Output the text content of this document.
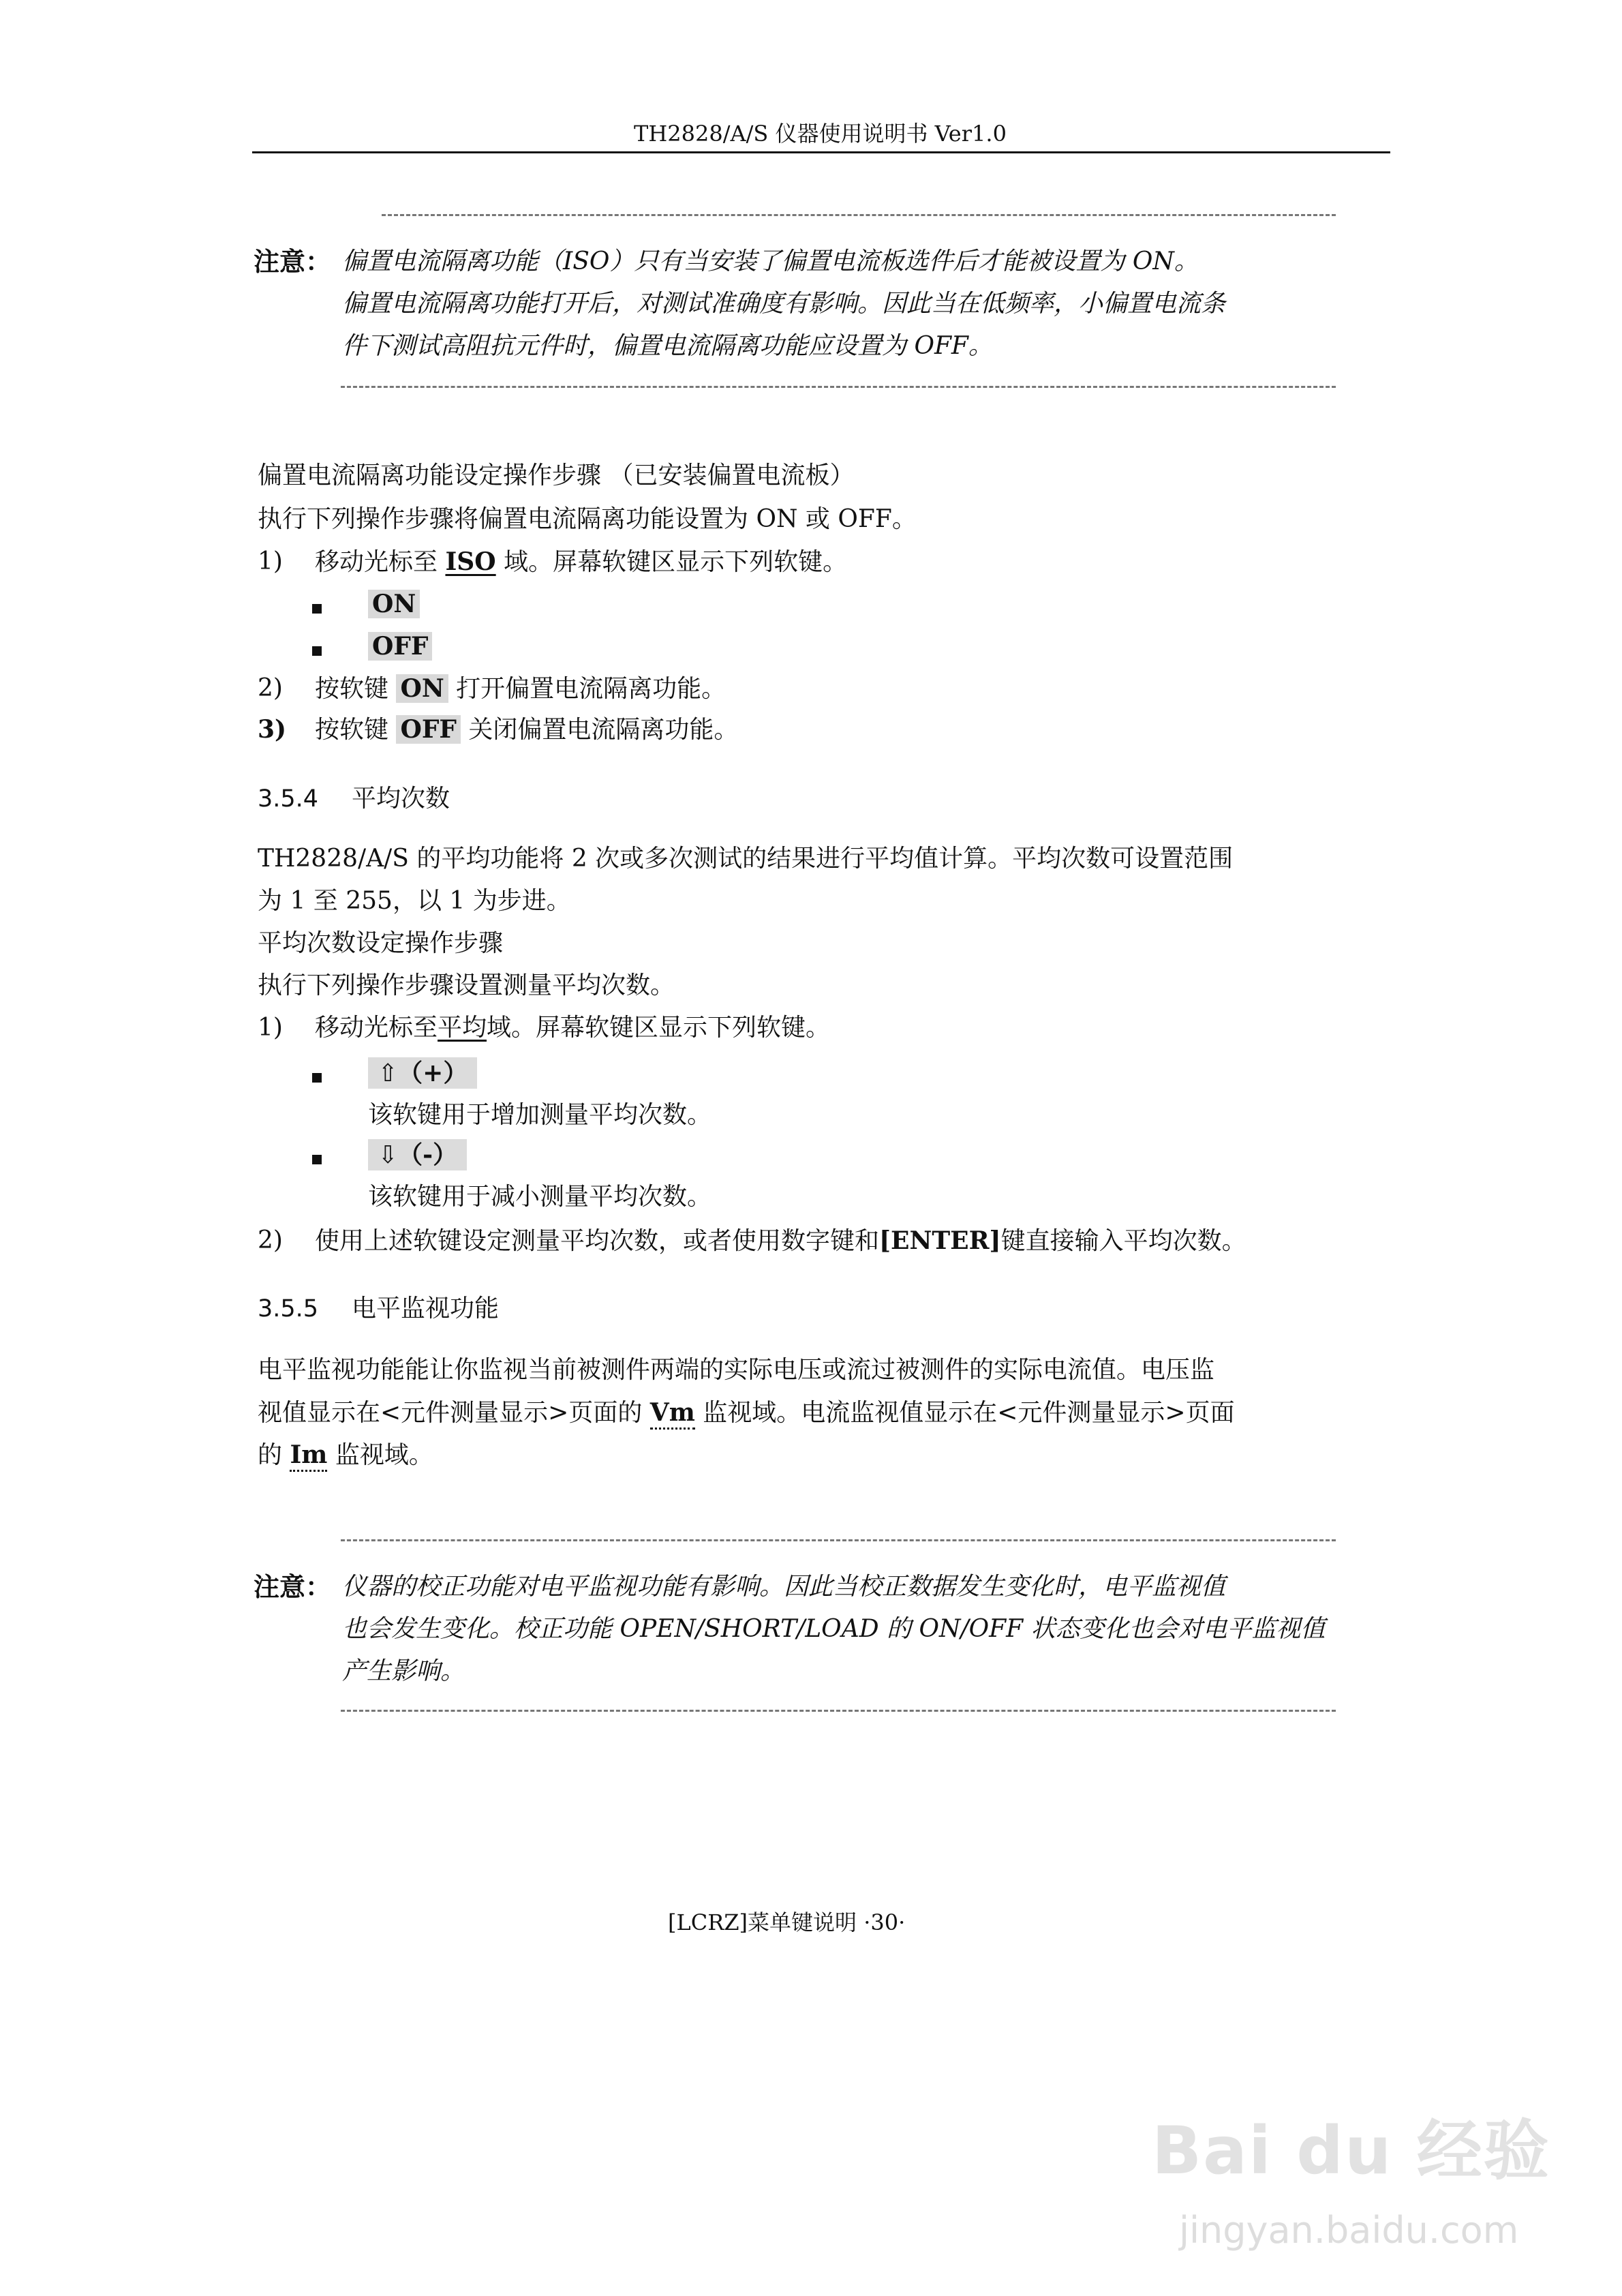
TH2828/A/S 仪器使用说明书 Ver1.0
注意： 偏置电流隔离功能（ISO）只有当安装了偏置电流板选件后才能被设置为 ON。
偏置电流隔离功能打开后，对测试准确度有影响。因此当在低频率，小偏置电流条
件下测试高阻抗元件时，偏置电流隔离功能应设置为 OFF。
偏置电流隔离功能设定操作步骤 （已安装偏置电流板）
执行下列操作步骤将偏置电流隔离功能设置为 ON 或 OFF。
1) 移动光标至 ISO 域。屏幕软键区显示下列软键。
ON
OFF
2) 按软键 ON 打开偏置电流隔离功能。
3) 按软键 OFF 关闭偏置电流隔离功能。
3.5.4 平均次数
TH2828/A/S 的平均功能将 2 次或多次测试的结果进行平均值计算。平均次数可设置范围
为 1 至 255，以 1 为步进。
平均次数设定操作步骤
执行下列操作步骤设置测量平均次数。
1) 移动光标至平均域。屏幕软键区显示下列软键。
⇧（+）
该软键用于增加测量平均次数。
⇩（-）
该软键用于减小测量平均次数。
2) 使用上述软键设定测量平均次数，或者使用数字键和[ENTER]键直接输入平均次数。
3.5.5 电平监视功能
电平监视功能能让你监视当前被测件两端的实际电压或流过被测件的实际电流值。电压监
视值显示在<元件测量显示>页面的 Vm 监视域。电流监视值显示在<元件测量显示>页面
的 Im 监视域。
注意： 仪器的校正功能对电平监视功能有影响。因此当校正数据发生变化时，电平监视值
也会发生变化。校正功能 OPEN/SHORT/LOAD 的 ON/OFF 状态变化也会对电平监视值
产生影响。
[LCRZ]菜单键说明 ·30·
Bai du 经验
jingyan.baidu.com
